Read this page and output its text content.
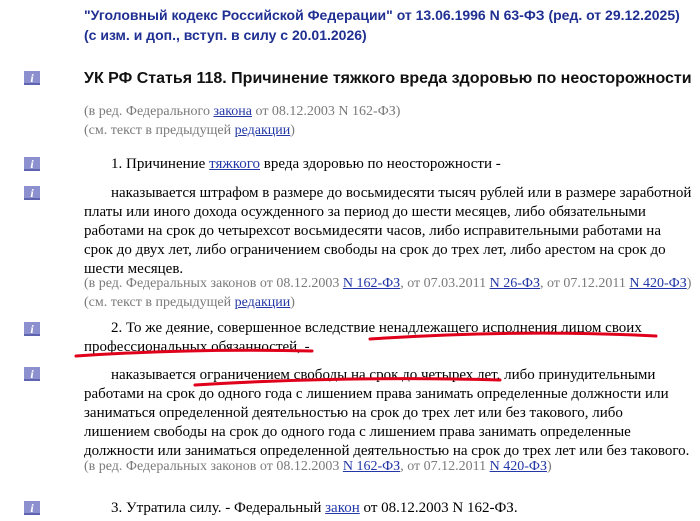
"Уголовный кодекс Российской Федерации" от 13.06.1996 N 63-ФЗ (ред. от 29.12.2025) (с изм. и доп., вступ. в силу с 20.01.2026)
i
i
i
i
i
i
УК РФ Статья 118. Причинение тяжкого вреда здоровью по неосторожности
(в ред. Федерального закона от 08.12.2003 N 162-ФЗ)
(см. текст в предыдущей редакции)
1. Причинение тяжкого вреда здоровью по неосторожности -
наказывается штрафом в размере до восьмидесяти тысяч рублей или в размере заработной платы или иного дохода осужденного за период до шести месяцев, либо обязательными работами на срок до четырехсот восьмидесяти часов, либо исправительными работами на срок до двух лет, либо ограничением свободы на срок до трех лет, либо арестом на срок до шести месяцев.
(в ред. Федеральных законов от 08.12.2003 N 162-ФЗ, от 07.03.2011 N 26-ФЗ, от 07.12.2011 N 420-ФЗ)
(см. текст в предыдущей редакции)
2. То же деяние, совершенное вследствие ненадлежащего исполнения лицом своих профессиональных обязанностей, -
наказывается ограничением свободы на срок до четырех лет, либо принудительными работами на срок до одного года с лишением права занимать определенные должности или заниматься определенной деятельностью на срок до трех лет или без такового, либо лишением свободы на срок до одного года с лишением права занимать определенные должности или заниматься определенной деятельностью на срок до трех лет или без такового.
(в ред. Федеральных законов от 08.12.2003 N 162-ФЗ, от 07.12.2011 N 420-ФЗ)
3. Утратила силу. - Федеральный закон от 08.12.2003 N 162-ФЗ.
